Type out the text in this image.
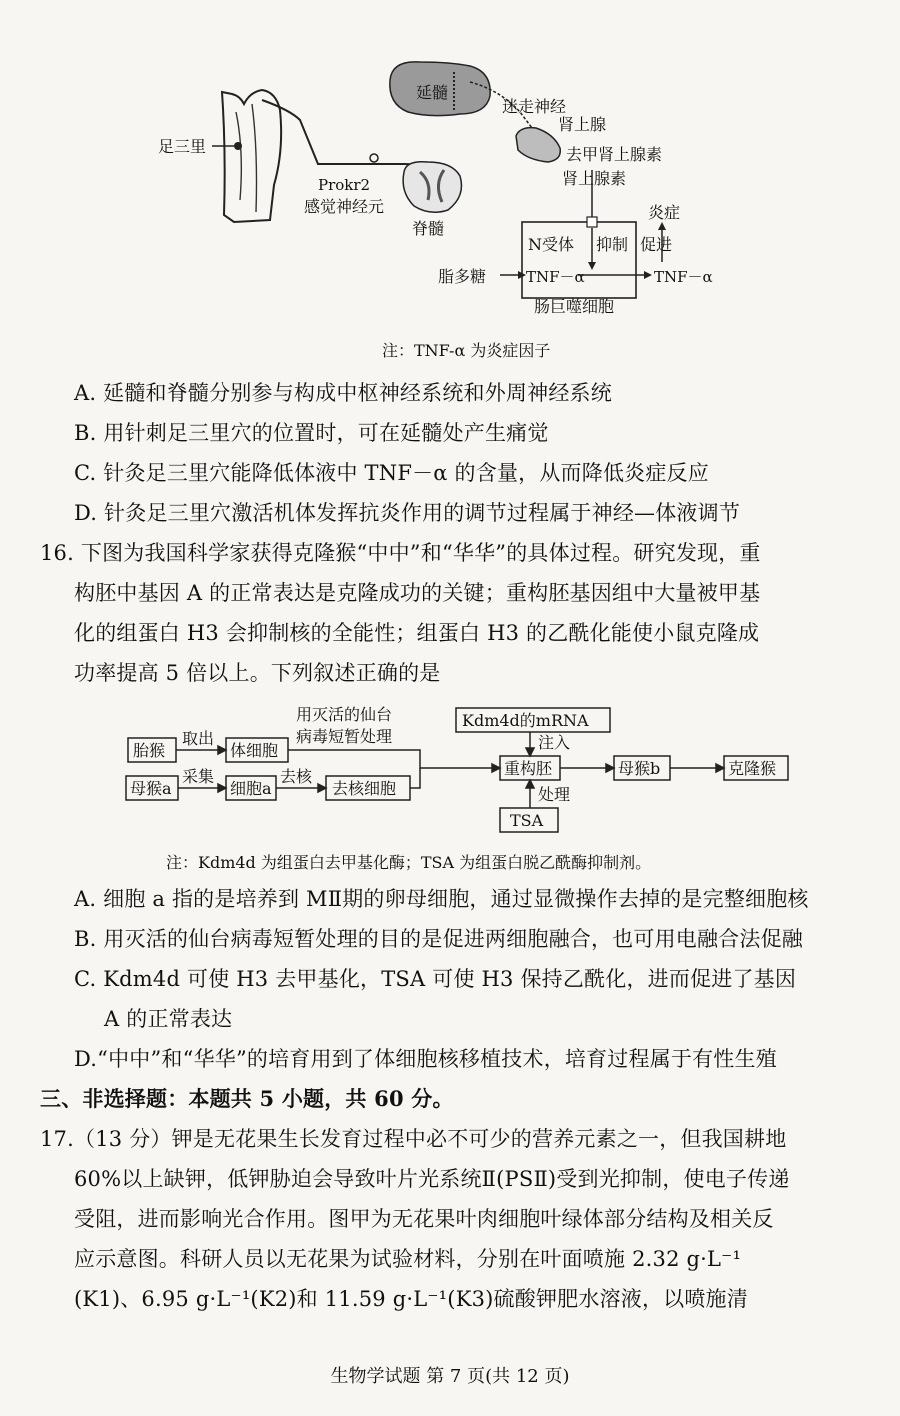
延髓
迷走神经
肾上腺
去甲肾上腺素
肾上腺素
足三里
Prokr2
感觉神经元
脊髓
炎症
N受体 抑制 促进
脂多糖	TNF－α	TNF－α
肠巨噬细胞
注：TNF-α 为炎症因子
A. 延髓和脊髓分别参与构成中枢神经系统和外周神经系统
B. 用针刺足三里穴的位置时，可在延髓处产生痛觉
C. 针灸足三里穴能降低体液中 TNF－α 的含量，从而降低炎症反应
D. 针灸足三里穴激活机体发挥抗炎作用的调节过程属于神经—体液调节
16. 下图为我国科学家获得克隆猴“中中”和“华华”的具体过程。研究发现，重
构胚中基因 A 的正常表达是克隆成功的关键；重构胚基因组中大量被甲基
化的组蛋白 H3 会抑制核的全能性；组蛋白 H3 的乙酰化能使小鼠克隆成
功率提高 5 倍以上。下列叙述正确的是
胎猴
取出
体细胞
用灭活的仙台
病毒短暂处理
母猴a
采集
细胞a
去核
去核细胞
Kdm4d的mRNA
注入
重构胚
处理
TSA
母猴b	克隆猴
注：Kdm4d 为组蛋白去甲基化酶；TSA 为组蛋白脱乙酰酶抑制剂。
A. 细胞 a 指的是培养到 MⅡ期的卵母细胞，通过显微操作去掉的是完整细胞核
B. 用灭活的仙台病毒短暂处理的目的是促进两细胞融合，也可用电融合法促融
C. Kdm4d 可使 H3 去甲基化，TSA 可使 H3 保持乙酰化，进而促进了基因
A 的正常表达
D.“中中”和“华华”的培育用到了体细胞核移植技术，培育过程属于有性生殖
三、非选择题：本题共 5 小题，共 60 分。
17.（13 分）钾是无花果生长发育过程中必不可少的营养元素之一，但我国耕地
60%以上缺钾，低钾胁迫会导致叶片光系统Ⅱ(PSⅡ)受到光抑制，使电子传递
受阻，进而影响光合作用。图甲为无花果叶肉细胞叶绿体部分结构及相关反
应示意图。科研人员以无花果为试验材料，分别在叶面喷施 2.32 g·L⁻¹
(K1)、6.95 g·L⁻¹(K2)和 11.59 g·L⁻¹(K3)硫酸钾肥水溶液，以喷施清
生物学试题 第 7 页(共 12 页)
